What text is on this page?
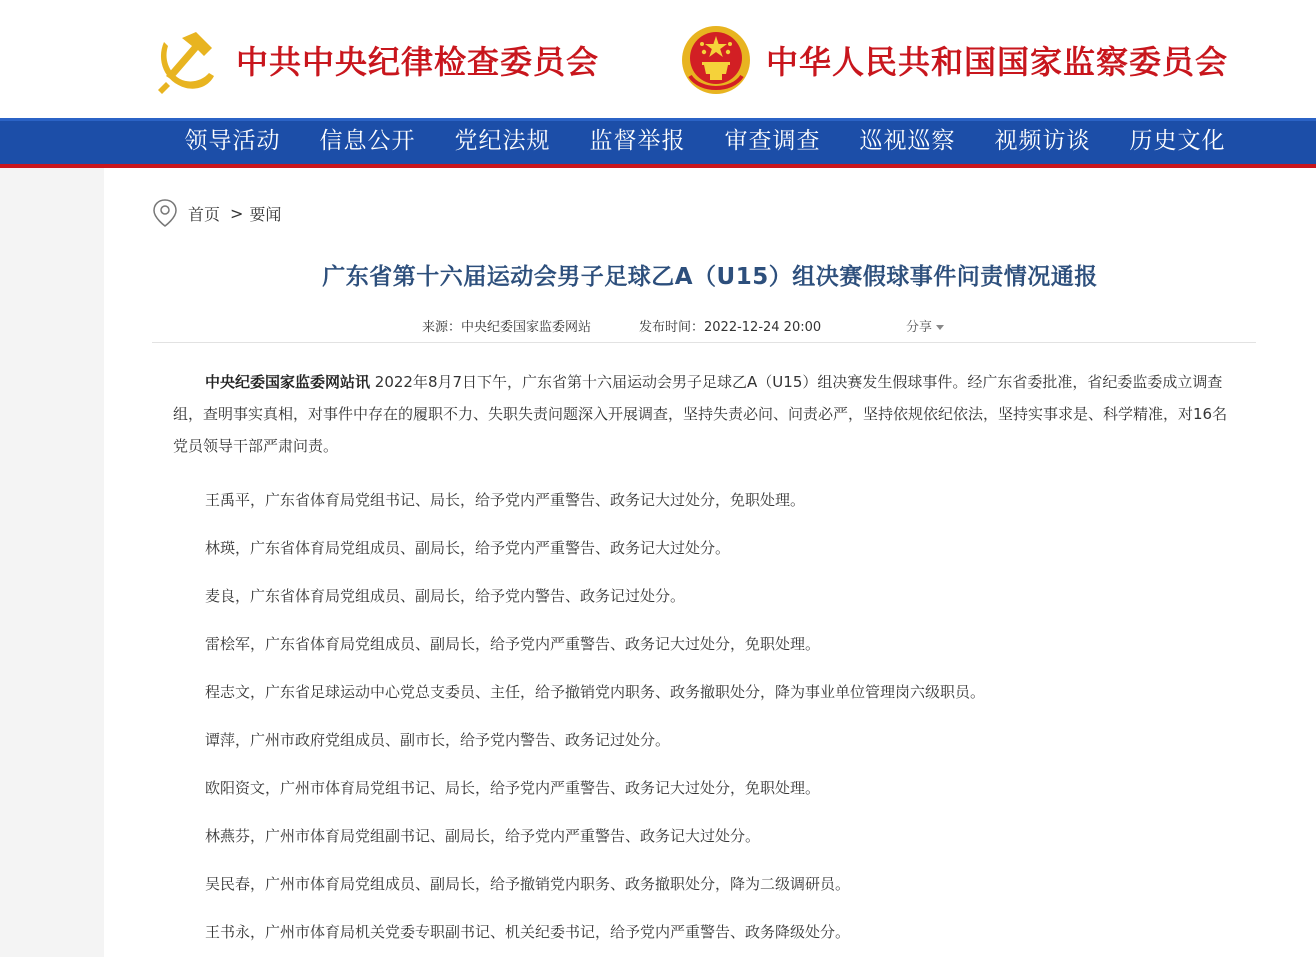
中共中央纪律检查委员会	中华人民共和国国家监察委员会
领导活动	信息公开	党纪法规	监督举报	审查调查	巡视巡察	视频访谈	历史文化
首页 > 要闻
广东省第十六届运动会男子足球乙A（U15）组决赛假球事件问责情况通报
来源：中央纪委国家监委网站	发布时间：2022-12-24 20:00	分享

中央纪委国家监委网站讯 2022年8月7日下午，广东省第十六届运动会男子足球乙A（U15）组决赛发生假球事件。经广东省委批准，省纪委监委成立调查组，查明事实真相，对事件中存在的履职不力、失职失责问题深入开展调查，坚持失责必问、问责必严，坚持依规依纪依法，坚持实事求是、科学精准，对16名党员领导干部严肃问责。

王禹平，广东省体育局党组书记、局长，给予党内严重警告、政务记大过处分，免职处理。

林瑛，广东省体育局党组成员、副局长，给予党内严重警告、政务记大过处分。

麦良，广东省体育局党组成员、副局长，给予党内警告、政务记过处分。

雷桧军，广东省体育局党组成员、副局长，给予党内严重警告、政务记大过处分，免职处理。

程志文，广东省足球运动中心党总支委员、主任，给予撤销党内职务、政务撤职处分，降为事业单位管理岗六级职员。

谭萍，广州市政府党组成员、副市长，给予党内警告、政务记过处分。

欧阳资文，广州市体育局党组书记、局长，给予党内严重警告、政务记大过处分，免职处理。

林燕芬，广州市体育局党组副书记、副局长，给予党内严重警告、政务记大过处分。

吴民春，广州市体育局党组成员、副局长，给予撤销党内职务、政务撤职处分，降为二级调研员。

王书永，广州市体育局机关党委专职副书记、机关纪委书记，给予党内严重警告、政务降级处分。
